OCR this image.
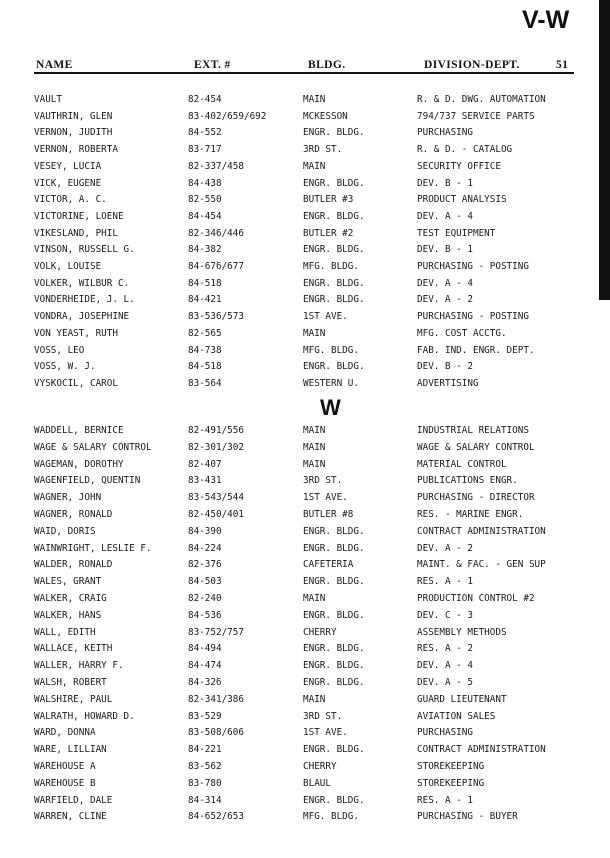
V-W
NAME	EXT. #	BLDG.	DIVISION-DEPT.	51
VAULT	82-454	MAIN	R. & D. DWG. AUTOMATION
VAUTHRIN, GLEN	83-402/659/692	MCKESSON	794/737 SERVICE PARTS
VERNON, JUDITH	84-552	ENGR. BLDG.	PURCHASING
VERNON, ROBERTA	83-717	3RD ST.	R. & D. - CATALOG
VESEY, LUCIA	82-337/458	MAIN	SECURITY OFFICE
VICK, EUGENE	84-438	ENGR. BLDG.	DEV. B - 1
VICTOR, A. C.	82-550	BUTLER #3	PRODUCT ANALYSIS
VICTORINE, LOENE	84-454	ENGR. BLDG.	DEV. A - 4
VIKESLAND, PHIL	82-346/446	BUTLER #2	TEST EQUIPMENT
VINSON, RUSSELL G.	84-382	ENGR. BLDG.	DEV. B - 1
VOLK, LOUISE	84-676/677	MFG. BLDG.	PURCHASING - POSTING
VOLKER, WILBUR C.	84-518	ENGR. BLDG.	DEV. A - 4
VONDERHEIDE, J. L.	84-421	ENGR. BLDG.	DEV. A - 2
VONDRA, JOSEPHINE	83-536/573	1ST AVE.	PURCHASING - POSTING
VON YEAST, RUTH	82-565	MAIN	MFG. COST ACCTG.
VOSS, LEO	84-738	MFG. BLDG.	FAB. IND. ENGR. DEPT.
VOSS, W. J.	84-518	ENGR. BLDG.	DEV. B - 2
VYSKOCIL, CAROL	83-564	WESTERN U.	ADVERTISING
W
WADDELL, BERNICE	82-491/556	MAIN	INDUSTRIAL RELATIONS
WAGE & SALARY CONTROL	82-301/302	MAIN	WAGE & SALARY CONTROL
WAGEMAN, DOROTHY	82-407	MAIN	MATERIAL CONTROL
WAGENFIELD, QUENTIN	83-431	3RD ST.	PUBLICATIONS ENGR.
WAGNER, JOHN	83-543/544	1ST AVE.	PURCHASING - DIRECTOR
WAGNER, RONALD	82-450/401	BUTLER #8	RES. - MARINE ENGR.
WAID, DORIS	84-390	ENGR. BLDG.	CONTRACT ADMINISTRATION
WAINWRIGHT, LESLIE F.	84-224	ENGR. BLDG.	DEV. A - 2
WALDER, RONALD	82-376	CAFETERIA	MAINT. & FAC. - GEN SUP
WALES, GRANT	84-503	ENGR. BLDG.	RES. A - 1
WALKER, CRAIG	82-240	MAIN	PRODUCTION CONTROL #2
WALKER, HANS	84-536	ENGR. BLDG.	DEV. C - 3
WALL, EDITH	83-752/757	CHERRY	ASSEMBLY METHODS
WALLACE, KEITH	84-494	ENGR. BLDG.	RES. A - 2
WALLER, HARRY F.	84-474	ENGR. BLDG.	DEV. A - 4
WALSH, ROBERT	84-326	ENGR. BLDG.	DEV. A - 5
WALSHIRE, PAUL	82-341/386	MAIN	GUARD LIEUTENANT
WALRATH, HOWARD D.	83-529	3RD ST.	AVIATION SALES
WARD, DONNA	83-508/606	1ST AVE.	PURCHASING
WARE, LILLIAN	84-221	ENGR. BLDG.	CONTRACT ADMINISTRATION
WAREHOUSE A	83-562	CHERRY	STOREKEEPING
WAREHOUSE B	83-780	BLAUL	STOREKEEPING
WARFIELD, DALE	84-314	ENGR. BLDG.	RES. A - 1
WARREN, CLINE	84-652/653	MFG. BLDG.	PURCHASING - BUYER
